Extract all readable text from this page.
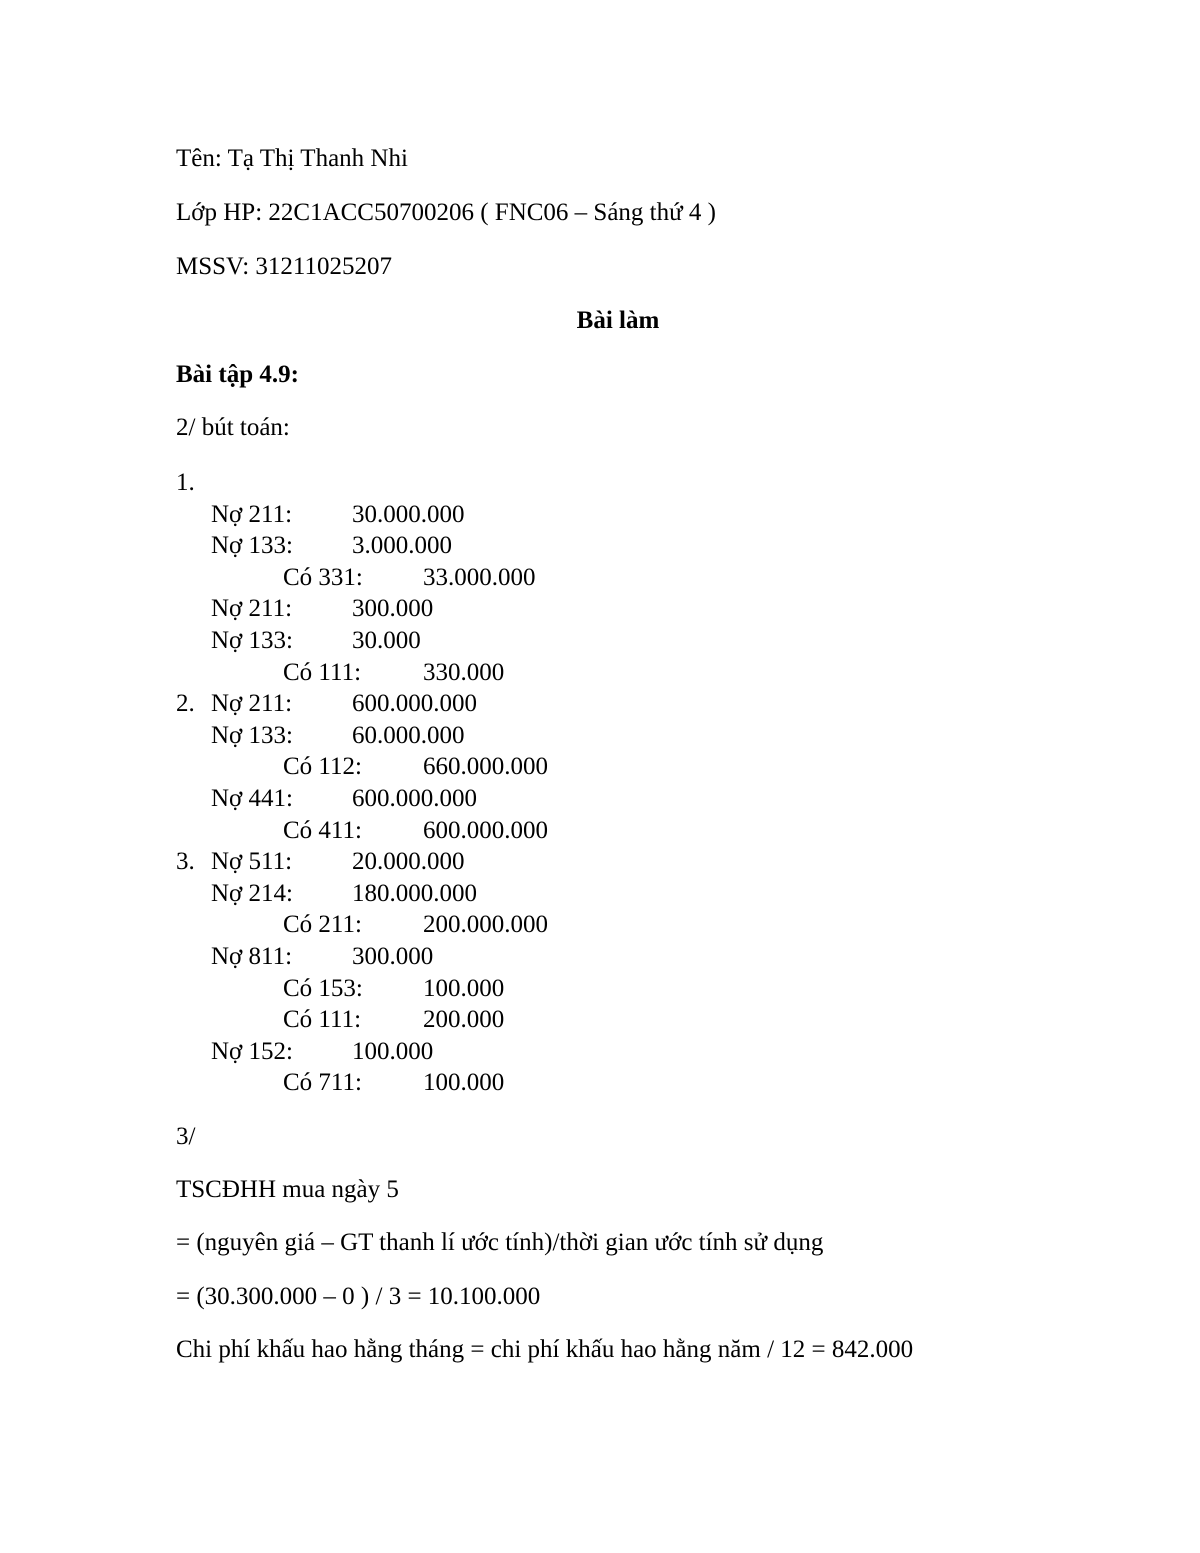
Tên: Tạ Thị Thanh Nhi
Lớp HP: 22C1ACC50700206 ( FNC06 – Sáng thứ 4 )
MSSV: 31211025207
Bài làm
Bài tập 4.9:
2/ bút toán:
1.
Nợ 211: 30.000.000
Nợ 133: 3.000.000
Có 331: 33.000.000
Nợ 211: 300.000
Nợ 133: 30.000
Có 111: 330.000
2. Nợ 211: 600.000.000
Nợ 133: 60.000.000
Có 112: 660.000.000
Nợ 441: 600.000.000
Có 411: 600.000.000
3. Nợ 511: 20.000.000
Nợ 214: 180.000.000
Có 211: 200.000.000
Nợ 811: 300.000
Có 153: 100.000
Có 111: 200.000
Nợ 152: 100.000
Có 711: 100.000
3/
TSCĐHH mua ngày 5
= (nguyên giá – GT thanh lí ước tính)/thời gian ước tính sử dụng
= (30.300.000 – 0 ) / 3 = 10.100.000
Chi phí khấu hao hằng tháng = chi phí khấu hao hằng năm / 12 = 842.000
